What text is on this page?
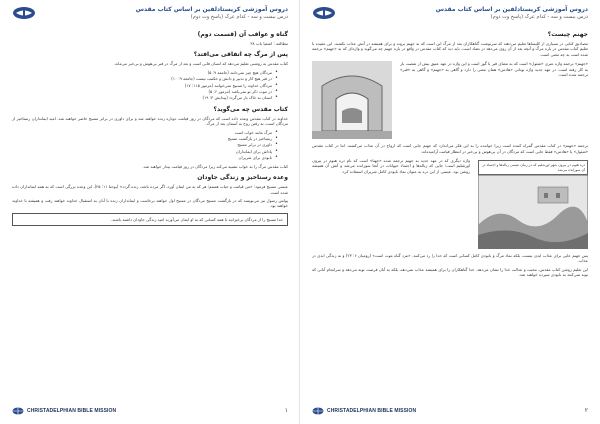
دروس آموزشی کریستادلفین بر اساس کتاب مقدس
درس بیست و سه - کدام عرک (پاسخ وت دوم)
گناه و عواقب آن (قسمت دوم)
مطالعه : اشعیا باب ۳۸
پس از مرگ چه اتفاقی می‌افتد؟
کتاب مقدس به روشنی تعلیم می‌دهد که انسان فانی است و بعد از مرگ در قبر بی‌هوش و بی‌خبر می‌ماند.
• مردگان هیچ چیز نمی‌دانند (جامعه ۹: ۵)
• در قبر هیچ کار و تدبیر و دانش و حکمت نیست (جامعه ۹: ۱۰)
• مردگان خداوند را تسبیح نمی‌خوانند (مزمور ۱۱۵: ۱۷)
• در موت ذکر تو نمی‌باشد (مزمور ۶: ۵)
• انسان به خاک باز می‌گردد (پیدایش ۳: ۱۹)
کتاب مقدس چه می‌گوید؟
خداوند در کتاب مقدس وعده داده است که مردگان در روز قیامت دوباره زنده خواهند شد و برای داوری در برابر مسیح حاضر خواهند شد. امید ایمانداران رستاخیز از مردگان است، نه رفتن روح به آسمان بعد از مرگ.
• مرگ مانند خواب است
• رستاخیز در بازگشت مسیح
• داوری در برابر مسیح
• پاداش برای ایمانداران
• نابودی برای شریران
کتاب مقدس مرگ را به خواب تشبیه می‌کند زیرا مردگان در روز قیامت بیدار خواهند شد.
وعده رستاخیز و زندگی جاودان
عیسی مسیح فرمود: «من قیامت و حیات هستم؛ هر که به من ایمان آورد، اگر مرده باشد، زنده گردد» (یوحنا ۱۱: ۲۵). این وعده بزرگی است که به همه ایمانداران داده شده است.
پولس رسول نیز می‌نویسد که در بازگشت مسیح مردگان در مسیح اول خواهند برخاست و ایمانداران زنده با آنان به استقبال خداوند خواهند رفت و همیشه با خداوند خواهند بود.
خدا مسیح را از مردگان برخیزانید تا همه کسانی که به او ایمان می‌آورند امید زندگی جاودان داشته باشند.
CHRISTADELPHIAN BIBLE MISSION	۱
دروس آموزشی کریستادلفین بر اساس کتاب مقدس
درس بیست و سه - کدام عرک (پاسخ وت دوم)
جهنم چیست؟
مصادیق کتابی در بسیاری از کلیساها تعلیم می‌دهند که سرنوشت گناهکاران بعد از مرگ این است که به جهنم بروند و برای همیشه در آتش عذاب بکشند. این عقیده با تعلیم کتاب مقدس در باره مرگ و آنچه بعد از آن روی می‌دهد در تضاد است. باید دید که کتاب مقدس در واقع در باره جهنم چه می‌گوید و واژه‌ای که به «جهنم» ترجمه شده است به چه معنی است.
«جهنم» ترجمه واژه عبری «شئول» است که به معنای قبر یا گور است و این واژه در عهد عتیق بیش از شصت بار به کار رفته است. در عهد جدید واژه یونانی «هادس» همان معنی را دارد و گاهی به «جهنم» و گاهی به «قبر» ترجمه شده است.
ترجمه «جهنم» در کتاب مقدس گمراه کننده است زیرا خواننده را به این فکر می‌اندازد که جهنم جایی است که ارواح در آن عذاب می‌کشند. اما در کتاب مقدس «شئول» یا «هادس» فقط جایی است که مردگان در آن بی‌هوش و بی‌خبر در انتظار قیامت آرامیده‌اند.
دره هنوم در بیرون شهر اورشلیم که در زمان عیسی زباله‌ها و اجساد در آن سوزانده می‌شد
واژه دیگری که در عهد جدید به جهنم ترجمه شده «جهنا» است که نام دره هنوم در بیرون اورشلیم است؛ جایی که زباله‌ها و اجساد حیوانات در آنجا سوزانده می‌شد و آتش آن همیشه روشن بود. عیسی از این دره به عنوان نماد نابودی کامل شریران استفاده کرد.
پس جهنم جایی برای عذاب ابدی نیست، بلکه نماد مرگ و نابودی کامل کسانی است که خدا را رد می‌کنند. «مزد گناه موت است» (رومیان ۶: ۲۳) و نه زندگی ابدی در عذاب.
این تعلیم روشن کتاب مقدس، محبت و عدالت خدا را نشان می‌دهد. خدا گناهکاران را برای همیشه عذاب نمی‌دهد، بلکه به آنان فرصت توبه می‌دهد و سرانجام آنانی که توبه نمی‌کنند به نابودی سپرده خواهند شد.
CHRISTADELPHIAN BIBLE MISSION	۲
